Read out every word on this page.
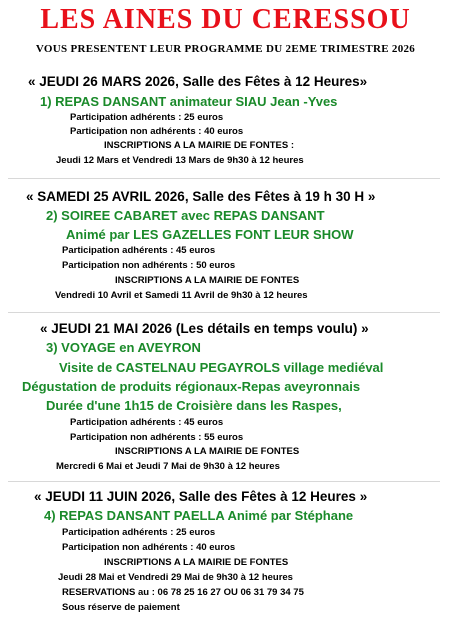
LES AINES DU CERESSOU
VOUS PRESENTENT LEUR PROGRAMME DU 2EME TRIMESTRE 2026
« JEUDI 26 MARS 2026, Salle des Fêtes à 12 Heures»
1) REPAS DANSANT animateur SIAU Jean -Yves
Participation adhérents : 25 euros
Participation non adhérents : 40 euros
INSCRIPTIONS A LA MAIRIE DE FONTES :
Jeudi 12 Mars et Vendredi 13 Mars de 9h30 à 12 heures
« SAMEDI 25 AVRIL 2026, Salle des Fêtes à 19 h 30 H »
2) SOIREE CABARET avec REPAS DANSANT
Animé par LES GAZELLES FONT LEUR SHOW
Participation adhérents : 45 euros
Participation non adhérents : 50 euros
INSCRIPTIONS A LA MAIRIE DE FONTES
Vendredi 10 Avril et Samedi 11 Avril de 9h30 à 12 heures
« JEUDI 21 MAI 2026 (Les détails en temps voulu) »
3) VOYAGE en AVEYRON
Visite de CASTELNAU PEGAYROLS village mediéval
Dégustation de produits régionaux-Repas aveyronnais
Durée d'une 1h15 de Croisière dans les Raspes,
Participation adhérents : 45 euros
Participation non adhérents : 55 euros
INSCRIPTIONS A LA MAIRIE DE FONTES
Mercredi 6 Mai et Jeudi 7 Mai de 9h30 à 12 heures
« JEUDI 11 JUIN 2026, Salle des Fêtes à 12 Heures »
4) REPAS DANSANT PAELLA Animé par Stéphane
Participation adhérents : 25 euros
Participation non adhérents : 40 euros
INSCRIPTIONS A LA MAIRIE DE FONTES
Jeudi 28 Mai et Vendredi 29 Mai de 9h30 à 12 heures
RESERVATIONS au : 06 78 25 16 27 OU 06 31 79 34 75
Sous réserve de paiement
